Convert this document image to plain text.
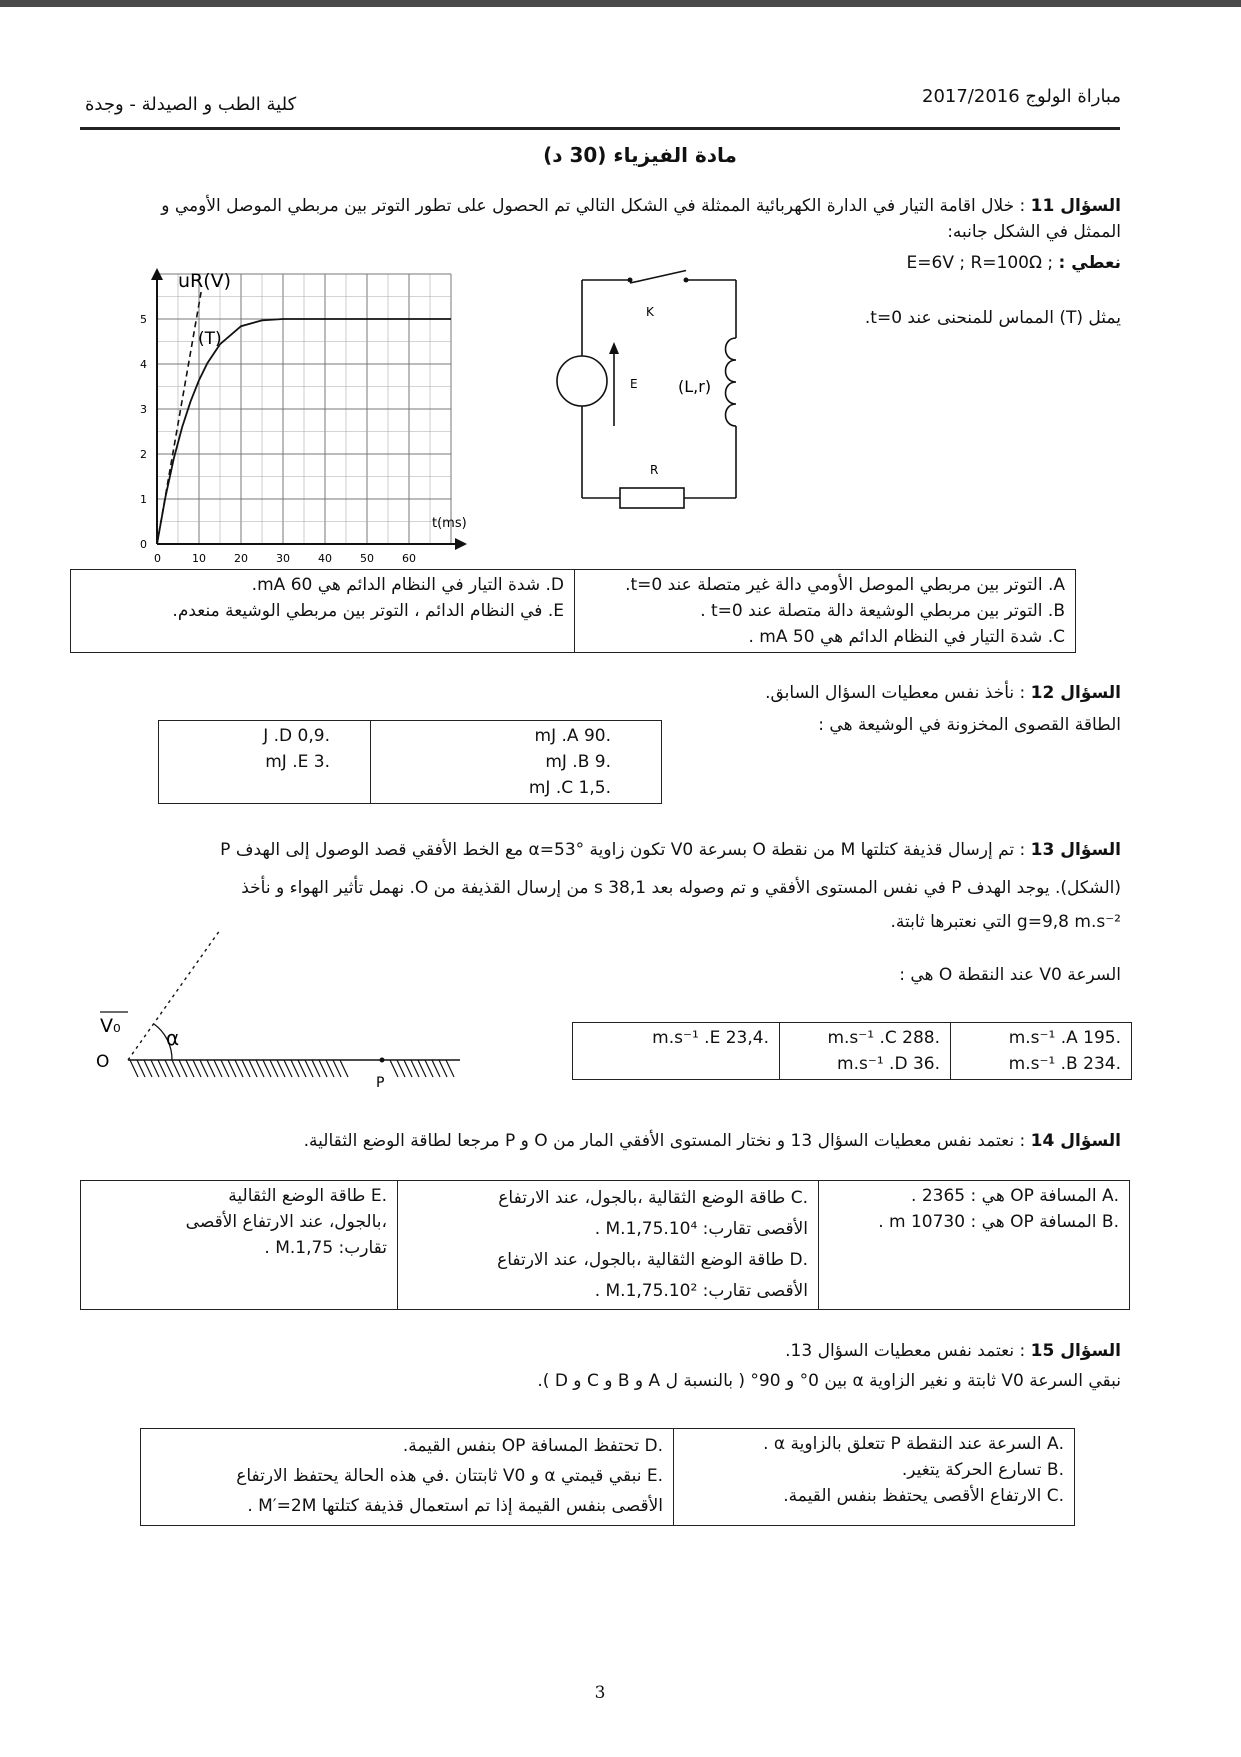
مباراة الولوج 2017/2016
كلية الطب و الصيدلة - وجدة
مادة الفيزياء (30 د)
السؤال 11 : خلال اقامة التيار في الدارة الكهربائية الممثلة في الشكل التالي تم الحصول على تطور التوتر بين مربطي الموصل الأومي و الممثل في الشكل جانبه:
نعطي : E=6V ; R=100Ω ;
يمثل (T) المماس للمنحنى عند t=0.
0	10	20	30	40	50	60
0
1
2
3
4
5
uR(V)
t(ms)
(T)
K
E	(L,r)
R
A. التوتر بين مربطي الموصل الأومي دالة غير متصلة عند t=0.
B. التوتر بين مربطي الوشيعة دالة متصلة عند t=0 .
C. شدة التيار في النظام الدائم هي 50 mA .

D. شدة التيار في النظام الدائم هي 60 mA.
E. في النظام الدائم ، التوتر بين مربطي الوشيعة منعدم.
السؤال 12 : نأخذ نفس معطيات السؤال السابق.
الطاقة القصوى المخزونة في الوشيعة هي :
.90 mJ .A
.9 mJ .B
.1,5 mJ .C

.0,9 J .D
.3 mJ .E
السؤال 13 : تم إرسال قذيفة كتلتها M من نقطة O بسرعة V0 تكون زاوية α=53° مع الخط الأفقي قصد الوصول إلى الهدف P
(الشكل). يوجد الهدف P في نفس المستوى الأفقي و تم وصوله بعد 38,1 s من إرسال القذيفة من O. نهمل تأثير الهواء و نأخذ
g=9,8 m.s⁻² التي نعتبرها ثابتة.
السرعة V0 عند النقطة O هي :
V₀ α
O
P
.195 m.s⁻¹ .A
.234 m.s⁻¹ .B

.288 m.s⁻¹ .C
.36 m.s⁻¹ .D

.23,4 m.s⁻¹ .E
السؤال 14 : نعتمد نفس معطيات السؤال 13 و نختار المستوى الأفقي المار من O و P مرجعا لطاقة الوضع الثقالية.
.A المسافة OP هي : 2365 .
.B المسافة OP هي : 10730 m .

.C طاقة الوضع الثقالية ،بالجول، عند الارتفاع
الأقصى تقارب: 1,75.10⁴.M .
.D طاقة الوضع الثقالية ،بالجول، عند الارتفاع
الأقصى تقارب: 1,75.10².M .

.E طاقة الوضع الثقالية
،بالجول، عند الارتفاع الأقصى
تقارب: 1,75.M .
السؤال 15 : نعتمد نفس معطيات السؤال 13.
نبقي السرعة V0 ثابتة و نغير الزاوية α بين 0° و 90° ( بالنسبة ل A و B و C و D ).
.A السرعة عند النقطة P تتعلق بالزاوية α .
.B تسارع الحركة يتغير.
.C الارتفاع الأقصى يحتفظ بنفس القيمة.

.D تحتفظ المسافة OP بنفس القيمة.
.E نبقي قيمتي α و V0 ثابتتان .في هذه الحالة يحتفظ الارتفاع
الأقصى بنفس القيمة إذا تم استعمال قذيفة كتلتها M′=2M .
3
